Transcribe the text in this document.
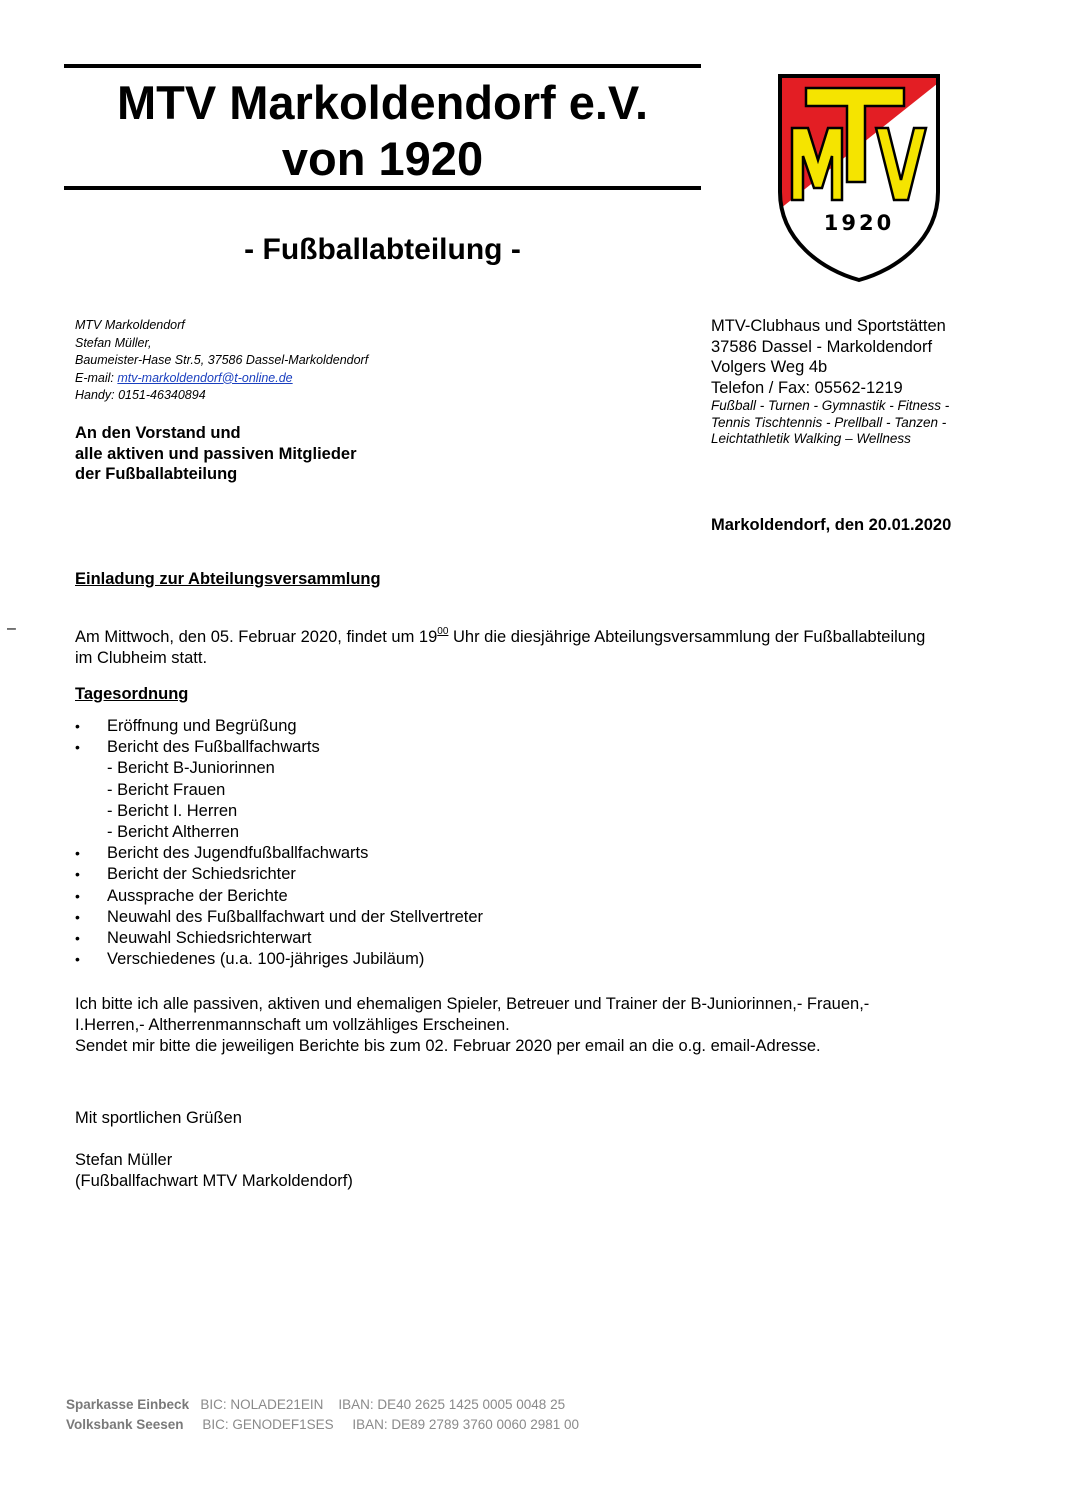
MTV Markoldendorf e.V.
von 1920
- Fußballabteilung -
1920
MTV Markoldendorf
Stefan Müller,
Baumeister-Hase Str.5, 37586 Dassel-Markoldendorf
E-mail: mtv-markoldendorf@t-online.de
Handy: 0151-46340894
An den Vorstand und
alle aktiven und passiven Mitglieder
der Fußballabteilung
MTV-Clubhaus und Sportstätten
37586 Dassel - Markoldendorf
Volgers Weg 4b
Telefon / Fax: 05562-1219
Fußball - Turnen - Gymnastik - Fitness -
Tennis Tischtennis - Prellball - Tanzen -
Leichtathletik Walking – Wellness
Markoldendorf, den 20.01.2020
Einladung zur Abteilungsversammlung
–	Am Mittwoch, den 05. Februar 2020, findet um $19^{00}$ Uhr die diesjährige Abteilungsversammlung der Fußballabteilung
im Clubheim statt.
Tagesordnung
• Eröffnung und Begrüßung
• Bericht des Fußballfachwarts
- Bericht B-Juniorinnen
- Bericht Frauen
- Bericht I. Herren
- Bericht Altherren
• Bericht des Jugendfußballfachwarts
• Bericht der Schiedsrichter
• Aussprache der Berichte
• Neuwahl des Fußballfachwart und der Stellvertreter
• Neuwahl Schiedsrichterwart
• Verschiedenes (u.a. 100-jähriges Jubiläum)
Ich bitte ich alle passiven, aktiven und ehemaligen Spieler, Betreuer und Trainer der B-Juniorinnen,- Frauen,-
I.Herren,- Altherrenmannschaft um vollzähliges Erscheinen.
Sendet mir bitte die jeweiligen Berichte bis zum 02. Februar 2020 per email an die o.g. email-Adresse.
Mit sportlichen Grüßen
Stefan Müller
(Fußballfachwart MTV Markoldendorf)
Sparkasse Einbeck BIC: NOLADE21EIN IBAN: DE40 2625 1425 0005 0048 25
Volksbank Seesen BIC: GENODEF1SES IBAN: DE89 2789 3760 0060 2981 00
